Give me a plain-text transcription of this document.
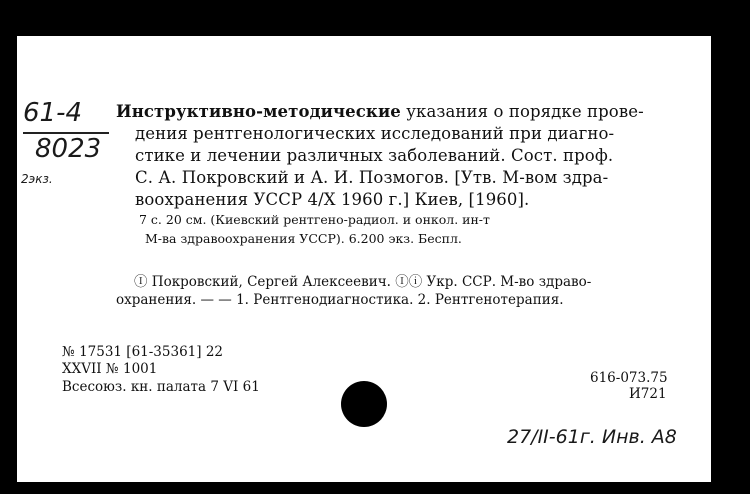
61-4
8023
2экз.
Инструктивно-методические указания о порядке прове-
дения рентгенологических исследований при диагно-
стике и лечении различных заболеваний. Сост. проф.
С. А. Покровский и А. И. Позмогов. [Утв. М-вом здра-
воохранения УССР 4/X 1960 г.] Киев, [1960].
7 с. 20 см. (Киевский рентгено-радиол. и онкол. ин-т
М-ва здравоохранения УССР). 6.200 экз. Беспл.
Ⓘ Покровский, Сергей Алексеевич. Ⓘⓘ Укр. ССР. М-во здраво-
охранения. — — 1. Рентгенодиагностика. 2. Рентгенотерапия.
№ 17531 [61-35361] 22
XXVII № 1001
Всесоюз. кн. палата 7 VI 61
616-073.75
И721
27/II-61г. Инв. А8
